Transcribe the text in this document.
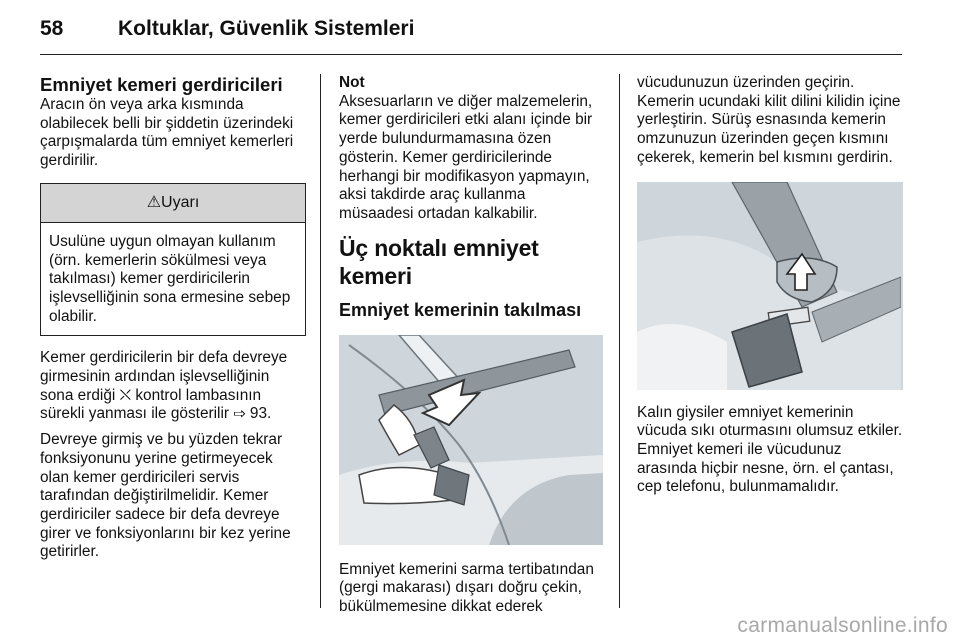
58	Koltuklar, Güvenlik Sistemleri
Emniyet kemeri gerdiricileri

Aracın ön veya arka kısmında olabilecek belli bir şiddetin üzerindeki çarpışmalarda tüm emniyet kemerleri gerdirilir.

⚠Uyarı
Usulüne uygun olmayan kullanım (örn. kemerlerin sökülmesi veya takılması) kemer gerdiricilerin işlevselliğinin sona ermesine sebep olabilir.

Kemer gerdiricilerin bir defa devreye girmesinin ardından işlevselliğinin sona erdiği ⛌ kontrol lambasının sürekli yanması ile gösterilir ⇨ 93.

Devreye girmiş ve bu yüzden tekrar fonksiyonunu yerine getirmeyecek olan kemer gerdiricileri servis tarafından değiştirilmelidir. Kemer gerdiriciler sadece bir defa devreye girer ve fonksiyonlarını bir kez yerine getirirler.

Not

Aksesuarların ve diğer malzemelerin, kemer gerdiricileri etki alanı içinde bir yerde bulundurmamasına özen gösterin. Kemer gerdiricilerinde herhangi bir modifikasyon yapmayın, aksi takdirde araç kullanma müsaadesi ortadan kalkabilir.

Üç noktalı emniyet kemeri
Emniyet kemerinin takılması

Emniyet kemerini sarma tertibatından (gergi makarası) dışarı doğru çekin, bükülmemesine dikkat ederek

vücudunuzun üzerinden geçirin. Kemerin ucundaki kilit dilini kilidin içine yerleştirin. Sürüş esnasında kemerin omzunuzun üzerinden geçen kısmını çekerek, kemerin bel kısmını gerdirin.

Kalın giysiler emniyet kemerinin vücuda sıkı oturmasını olumsuz etkiler. Emniyet kemeri ile vücudunuz arasında hiçbir nesne, örn. el çantası, cep telefonu, bulunmamalıdır.

carmanualsonline.info
